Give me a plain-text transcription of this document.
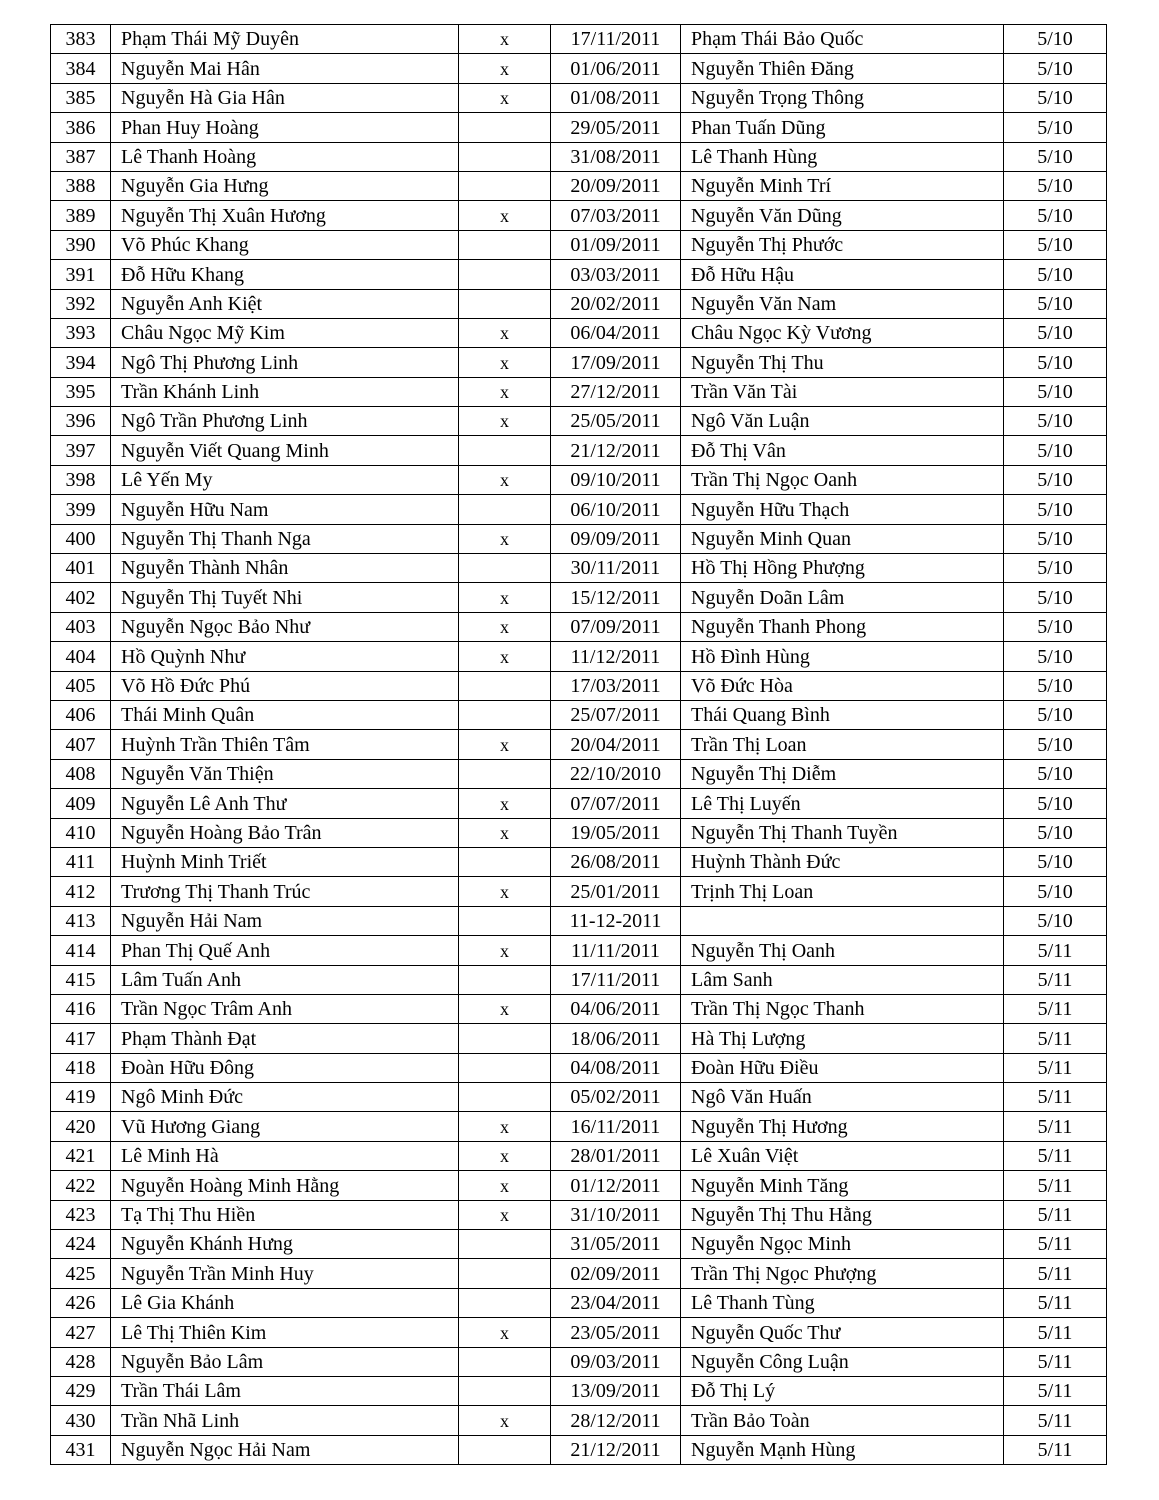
383	Phạm Thái Mỹ Duyên	x	17/11/2011	Phạm Thái Bảo Quốc	5/10
384	Nguyễn Mai Hân	x	01/06/2011	Nguyễn Thiên Đăng	5/10
385	Nguyễn Hà Gia Hân	x	01/08/2011	Nguyễn Trọng Thông	5/10
386	Phan Huy Hoàng		29/05/2011	Phan Tuấn Dũng	5/10
387	Lê Thanh Hoàng		31/08/2011	Lê Thanh Hùng	5/10
388	Nguyễn Gia Hưng		20/09/2011	Nguyễn Minh Trí	5/10
389	Nguyễn Thị Xuân Hương	x	07/03/2011	Nguyễn Văn Dũng	5/10
390	Võ Phúc Khang		01/09/2011	Nguyễn Thị Phước	5/10
391	Đỗ Hữu Khang		03/03/2011	Đỗ Hữu Hậu	5/10
392	Nguyễn Anh Kiệt		20/02/2011	Nguyễn Văn Nam	5/10
393	Châu Ngọc Mỹ Kim	x	06/04/2011	Châu Ngọc Kỳ Vương	5/10
394	Ngô Thị Phương Linh	x	17/09/2011	Nguyễn Thị Thu	5/10
395	Trần Khánh Linh	x	27/12/2011	Trần Văn Tài	5/10
396	Ngô Trần Phương Linh	x	25/05/2011	Ngô Văn Luận	5/10
397	Nguyễn Viết Quang Minh		21/12/2011	Đỗ Thị Vân	5/10
398	Lê Yến My	x	09/10/2011	Trần Thị Ngọc Oanh	5/10
399	Nguyễn Hữu Nam		06/10/2011	Nguyễn Hữu Thạch	5/10
400	Nguyễn Thị Thanh Nga	x	09/09/2011	Nguyễn Minh Quan	5/10
401	Nguyễn Thành Nhân		30/11/2011	Hồ Thị Hồng Phượng	5/10
402	Nguyễn Thị Tuyết Nhi	x	15/12/2011	Nguyễn Doãn Lâm	5/10
403	Nguyễn Ngọc Bảo Như	x	07/09/2011	Nguyễn Thanh Phong	5/10
404	Hồ Quỳnh Như	x	11/12/2011	Hồ Đình Hùng	5/10
405	Võ Hồ Đức Phú		17/03/2011	Võ Đức Hòa	5/10
406	Thái Minh Quân		25/07/2011	Thái Quang Bình	5/10
407	Huỳnh Trần Thiên Tâm	x	20/04/2011	Trần Thị Loan	5/10
408	Nguyễn Văn Thiện		22/10/2010	Nguyễn Thị Diễm	5/10
409	Nguyễn Lê Anh Thư	x	07/07/2011	Lê Thị Luyến	5/10
410	Nguyễn Hoàng Bảo Trân	x	19/05/2011	Nguyễn Thị Thanh Tuyền	5/10
411	Huỳnh Minh Triết		26/08/2011	Huỳnh Thành Đức	5/10
412	Trương Thị Thanh Trúc	x	25/01/2011	Trịnh Thị Loan	5/10
413	Nguyễn Hải Nam		11-12-2011		5/10
414	Phan Thị Quế Anh	x	11/11/2011	Nguyễn Thị Oanh	5/11
415	Lâm Tuấn Anh		17/11/2011	Lâm Sanh	5/11
416	Trần Ngọc Trâm Anh	x	04/06/2011	Trần Thị Ngọc Thanh	5/11
417	Phạm Thành Đạt		18/06/2011	Hà Thị Lượng	5/11
418	Đoàn Hữu Đông		04/08/2011	Đoàn Hữu Điều	5/11
419	Ngô Minh Đức		05/02/2011	Ngô Văn Huấn	5/11
420	Vũ Hương Giang	x	16/11/2011	Nguyễn Thị Hương	5/11
421	Lê Minh Hà	x	28/01/2011	Lê Xuân Việt	5/11
422	Nguyễn Hoàng Minh Hằng	x	01/12/2011	Nguyễn Minh Tăng	5/11
423	Tạ Thị Thu Hiền	x	31/10/2011	Nguyễn Thị Thu Hằng	5/11
424	Nguyễn Khánh Hưng		31/05/2011	Nguyễn Ngọc Minh	5/11
425	Nguyễn Trần Minh Huy		02/09/2011	Trần Thị Ngọc Phượng	5/11
426	Lê Gia Khánh		23/04/2011	Lê Thanh Tùng	5/11
427	Lê Thị Thiên Kim	x	23/05/2011	Nguyễn Quốc Thư	5/11
428	Nguyễn Bảo Lâm		09/03/2011	Nguyễn Công Luận	5/11
429	Trần Thái Lâm		13/09/2011	Đỗ Thị Lý	5/11
430	Trần Nhã Linh	x	28/12/2011	Trần Bảo Toàn	5/11
431	Nguyễn Ngọc Hải Nam		21/12/2011	Nguyễn Mạnh Hùng	5/11
